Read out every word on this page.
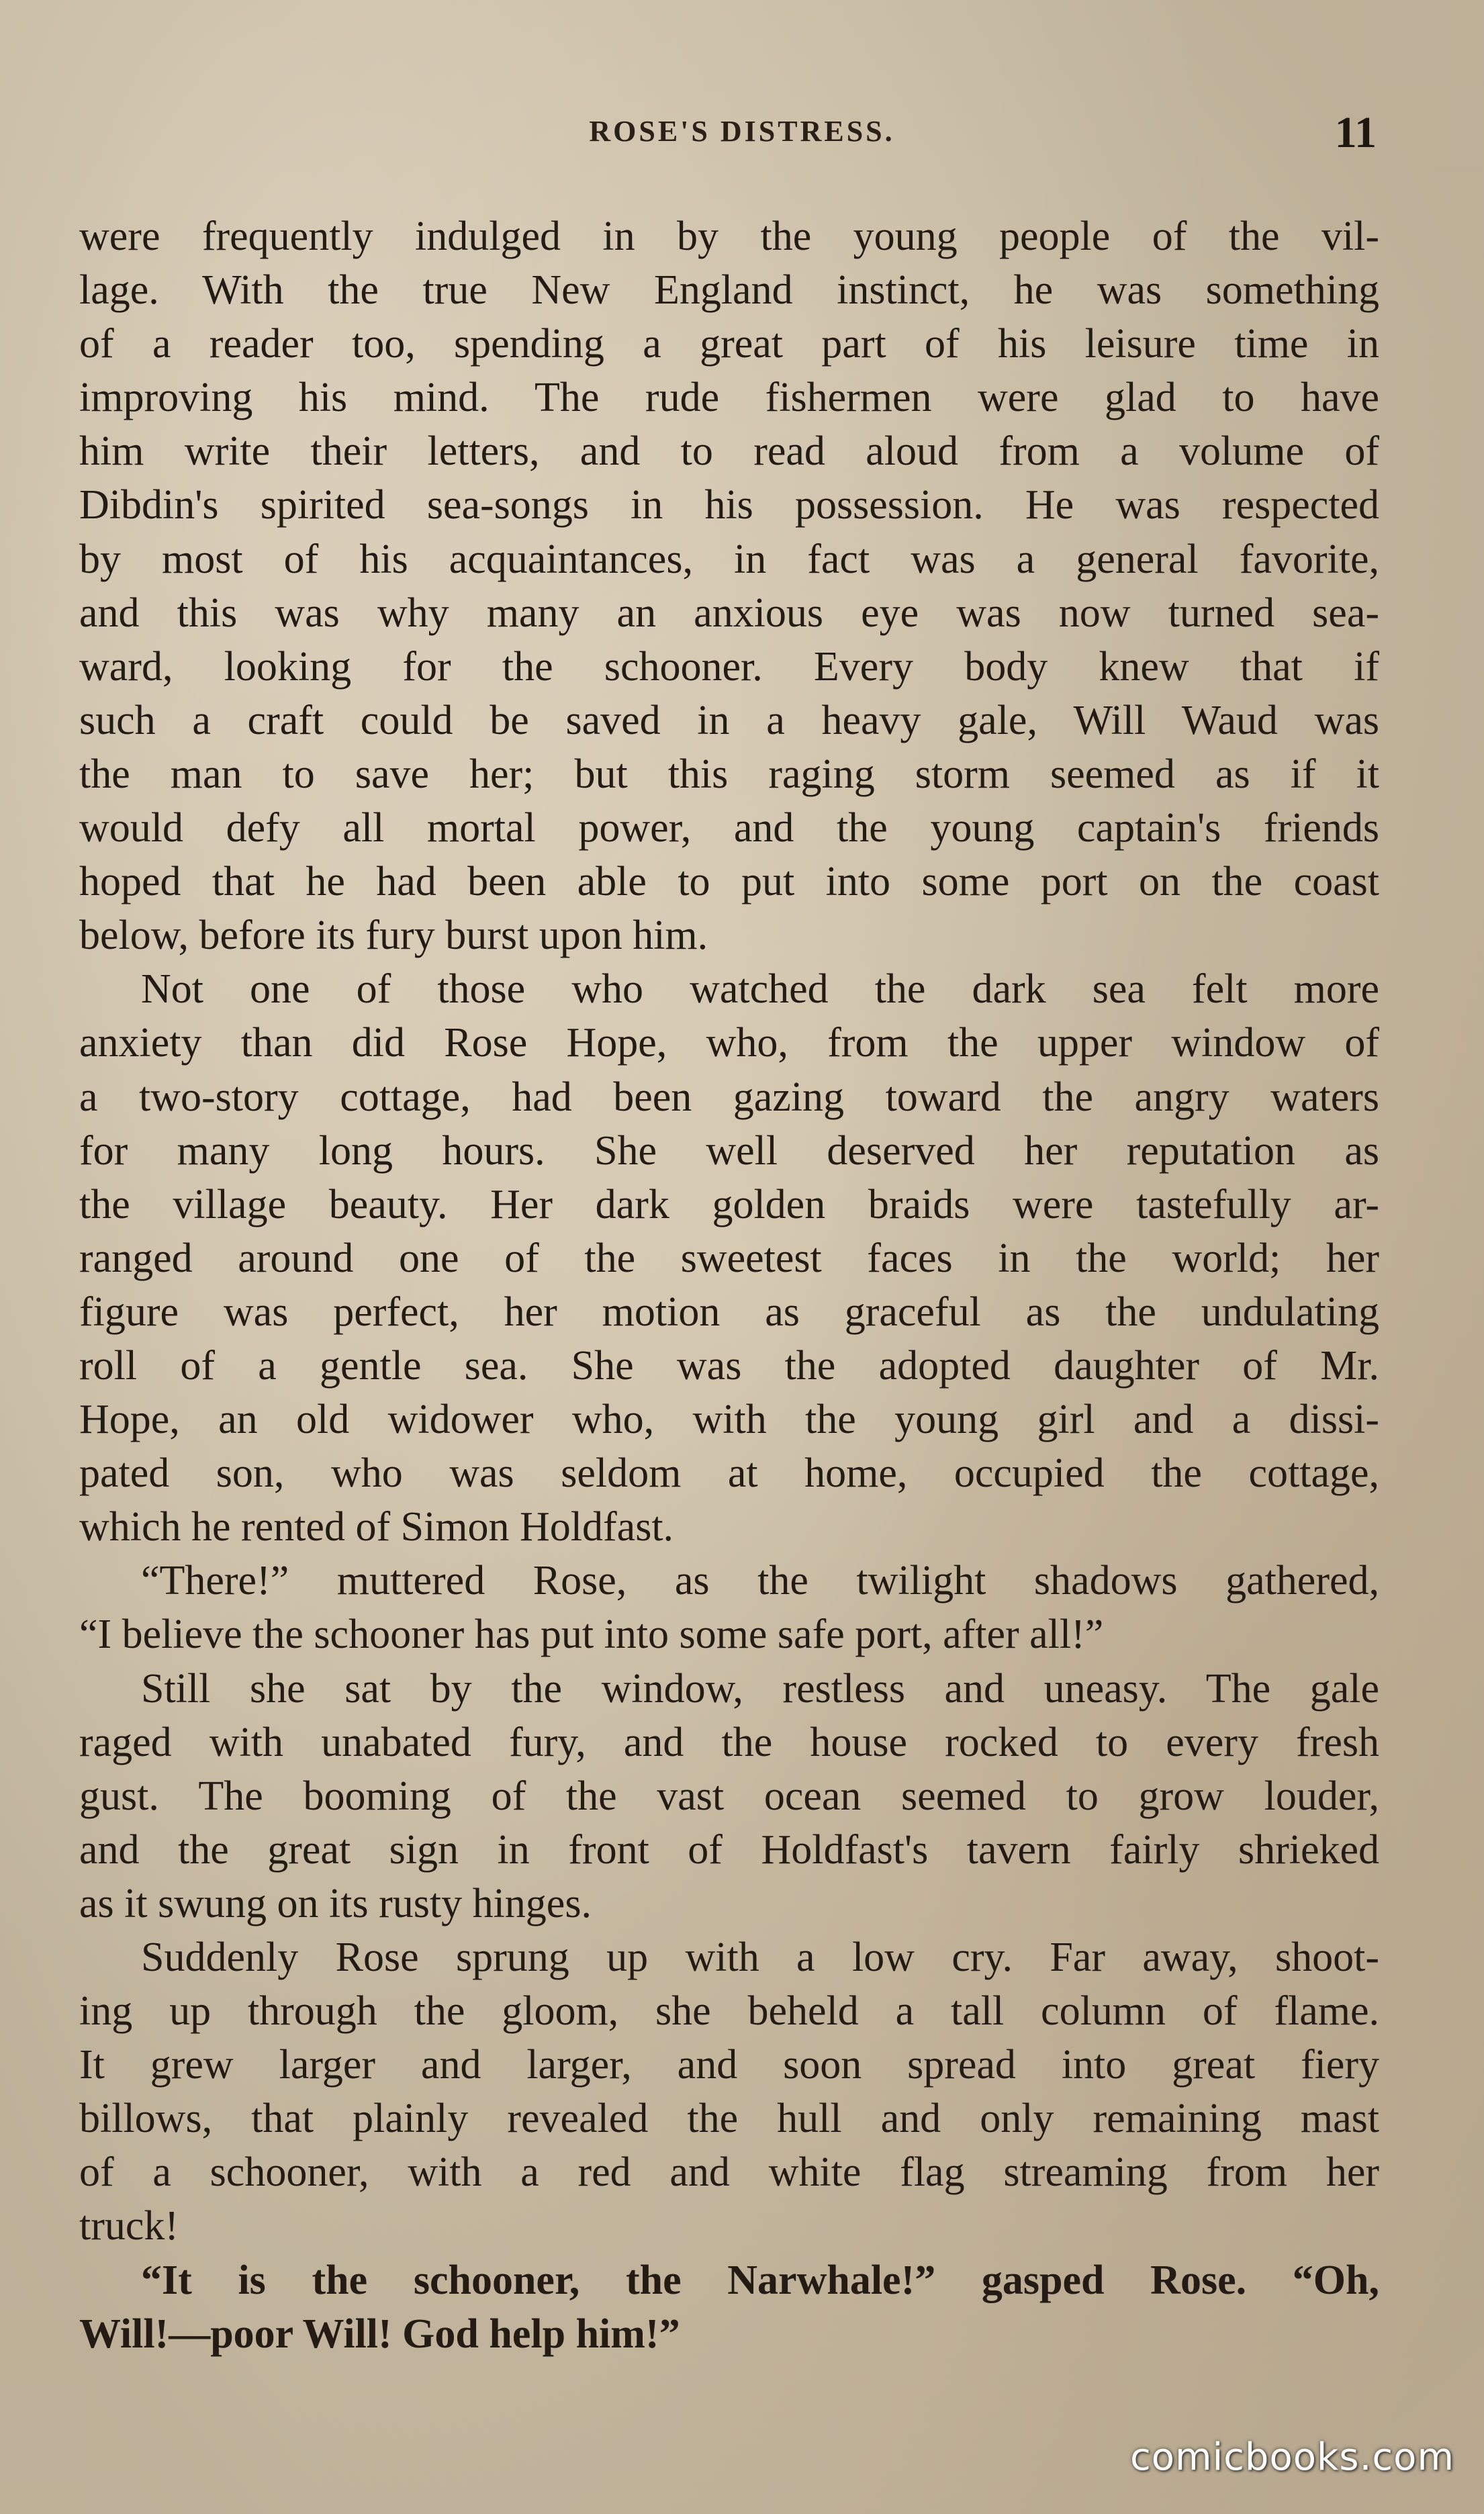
ROSE'S DISTRESS.	11
were frequently indulged in by the young people of the vil-
lage. With the true New England instinct, he was something
of a reader too, spending a great part of his leisure time in
improving his mind. The rude fishermen were glad to have
him write their letters, and to read aloud from a volume of
Dibdin's spirited sea-songs in his possession. He was respected
by most of his acquaintances, in fact was a general favorite,
and this was why many an anxious eye was now turned sea-
ward, looking for the schooner. Every body knew that if
such a craft could be saved in a heavy gale, Will Waud was
the man to save her; but this raging storm seemed as if it
would defy all mortal power, and the young captain's friends
hoped that he had been able to put into some port on the coast
below, before its fury burst upon him.
Not one of those who watched the dark sea felt more
anxiety than did Rose Hope, who, from the upper window of
a two-story cottage, had been gazing toward the angry waters
for many long hours. She well deserved her reputation as
the village beauty. Her dark golden braids were tastefully ar-
ranged around one of the sweetest faces in the world; her
figure was perfect, her motion as graceful as the undulating
roll of a gentle sea. She was the adopted daughter of Mr.
Hope, an old widower who, with the young girl and a dissi-
pated son, who was seldom at home, occupied the cottage,
which he rented of Simon Holdfast.
“There!” muttered Rose, as the twilight shadows gathered,
“I believe the schooner has put into some safe port, after all!”
Still she sat by the window, restless and uneasy. The gale
raged with unabated fury, and the house rocked to every fresh
gust. The booming of the vast ocean seemed to grow louder,
and the great sign in front of Holdfast's tavern fairly shrieked
as it swung on its rusty hinges.
Suddenly Rose sprung up with a low cry. Far away, shoot-
ing up through the gloom, she beheld a tall column of flame.
It grew larger and larger, and soon spread into great fiery
billows, that plainly revealed the hull and only remaining mast
of a schooner, with a red and white flag streaming from her
truck!
“It is the schooner, the Narwhale!” gasped Rose. “Oh,
Will!—poor Will! God help him!”
comicbooks.com
